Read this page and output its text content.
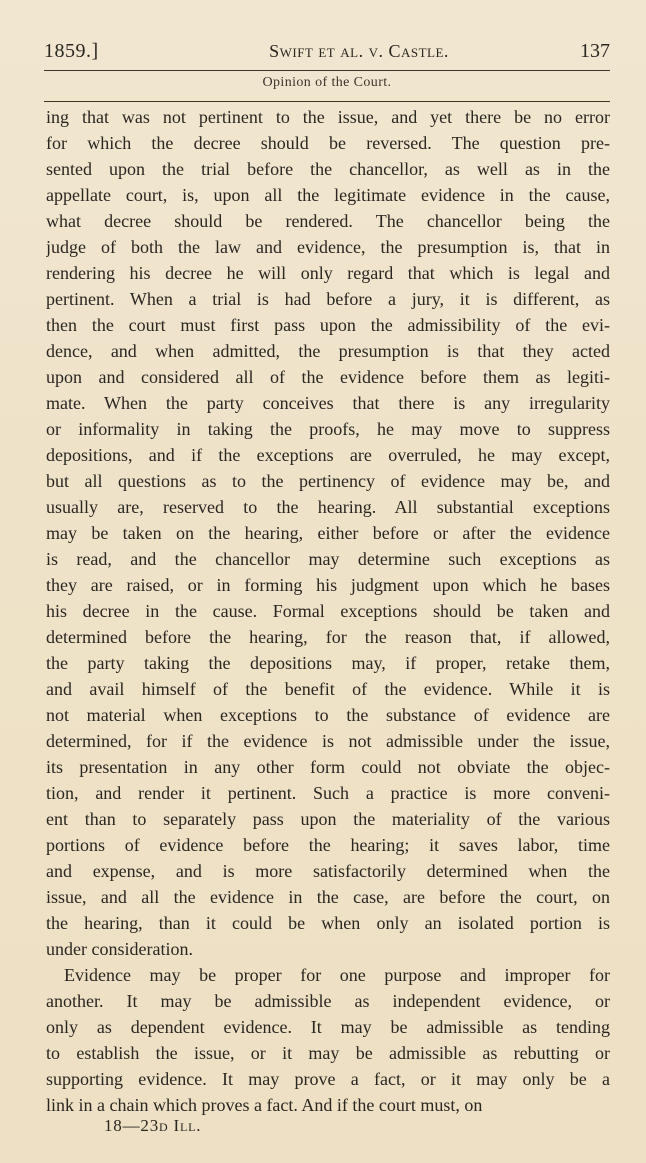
1859.]	Swift et al. v. Castle.	137
Opinion of the Court.
ing that was not pertinent to the issue, and yet there be no error
for which the decree should be reversed. The question pre-
sented upon the trial before the chancellor, as well as in the
appellate court, is, upon all the legitimate evidence in the cause,
what decree should be rendered. The chancellor being the
judge of both the law and evidence, the presumption is, that in
rendering his decree he will only regard that which is legal and
pertinent. When a trial is had before a jury, it is different, as
then the court must first pass upon the admissibility of the evi-
dence, and when admitted, the presumption is that they acted
upon and considered all of the evidence before them as legiti-
mate. When the party conceives that there is any irregularity
or informality in taking the proofs, he may move to suppress
depositions, and if the exceptions are overruled, he may except,
but all questions as to the pertinency of evidence may be, and
usually are, reserved to the hearing. All substantial exceptions
may be taken on the hearing, either before or after the evidence
is read, and the chancellor may determine such exceptions as
they are raised, or in forming his judgment upon which he bases
his decree in the cause. Formal exceptions should be taken and
determined before the hearing, for the reason that, if allowed,
the party taking the depositions may, if proper, retake them,
and avail himself of the benefit of the evidence. While it is
not material when exceptions to the substance of evidence are
determined, for if the evidence is not admissible under the issue,
its presentation in any other form could not obviate the objec-
tion, and render it pertinent. Such a practice is more conveni-
ent than to separately pass upon the materiality of the various
portions of evidence before the hearing; it saves labor, time
and expense, and is more satisfactorily determined when the
issue, and all the evidence in the case, are before the court, on
the hearing, than it could be when only an isolated portion is
under consideration.
Evidence may be proper for one purpose and improper for
another. It may be admissible as independent evidence, or
only as dependent evidence. It may be admissible as tending
to establish the issue, or it may be admissible as rebutting or
supporting evidence. It may prove a fact, or it may only be a
link in a chain which proves a fact. And if the court must, on
18—23d Ill.
